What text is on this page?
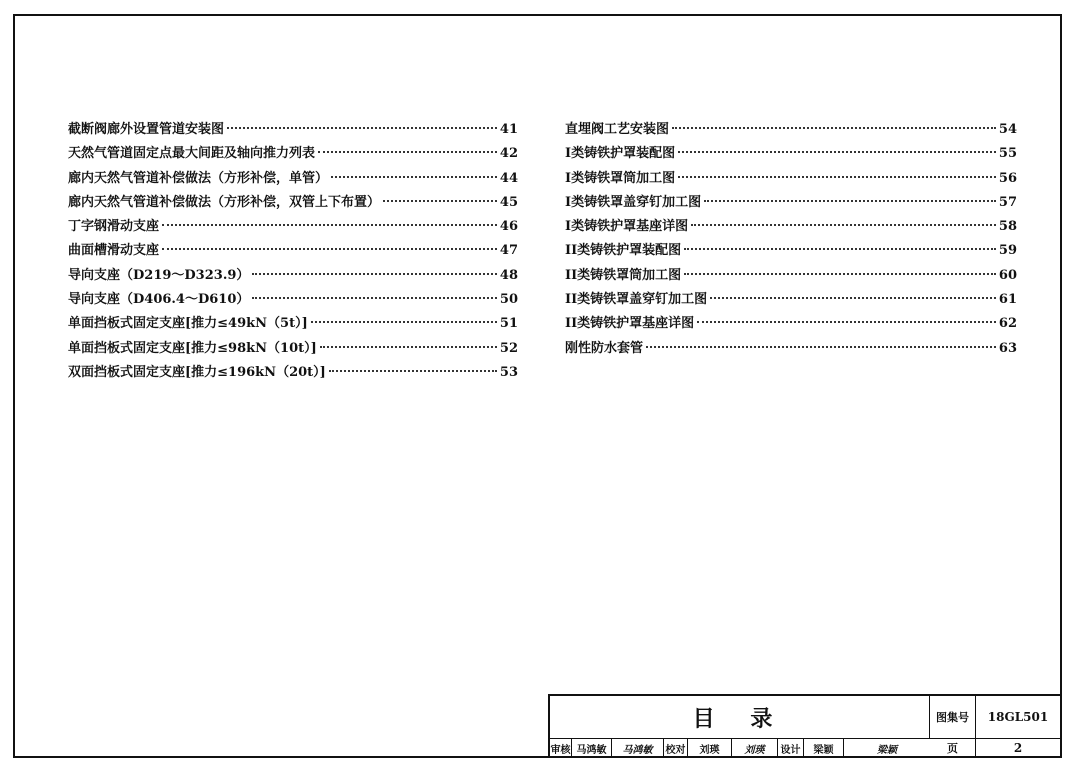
截断阀廊外设置管道安装图	41
天然气管道固定点最大间距及轴向推力列表	42
廊内天然气管道补偿做法（方形补偿，单管）	44
廊内天然气管道补偿做法（方形补偿，双管上下布置）	45
丁字钢滑动支座	46
曲面槽滑动支座	47
导向支座（D219～D323.9）	48
导向支座（D406.4～D610）	50
单面挡板式固定支座[推力≤49kN（5t）]	51
单面挡板式固定支座[推力≤98kN（10t）]	52
双面挡板式固定支座[推力≤196kN（20t）]	53
直埋阀工艺安装图	54
I类铸铁护罩装配图	55
I类铸铁罩筒加工图	56
I类铸铁罩盖穿钉加工图	57
I类铸铁护罩基座详图	58
II类铸铁护罩装配图	59
II类铸铁罩筒加工图	60
II类铸铁罩盖穿钉加工图	61
II类铸铁护罩基座详图	62
刚性防水套管	63
目 录
审核 马鸿敏	马鸿敏	校对	刘瑛	刘瑛	设计	梁颖	梁颖
图集号	18GL501
页	2
